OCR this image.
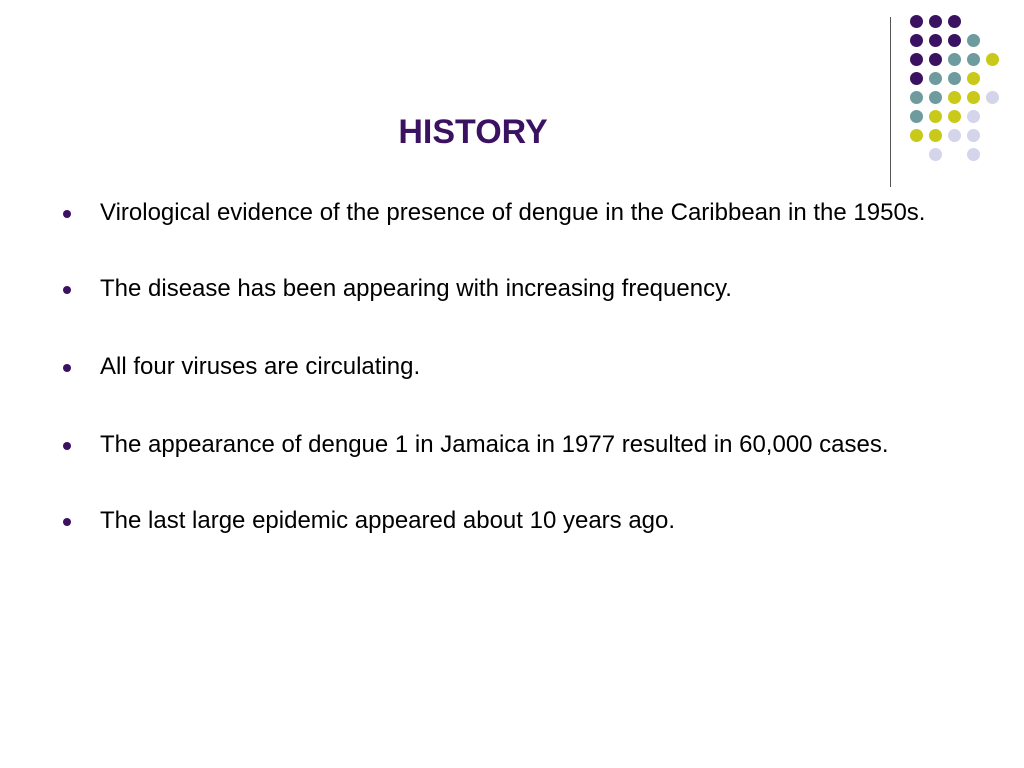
HISTORY
Virological evidence of the presence of dengue in the Caribbean in the 1950s.
The disease has been appearing with increasing frequency.
All four viruses are circulating.
The appearance of dengue 1 in Jamaica in 1977 resulted in 60,000 cases.
The last large epidemic appeared about 10 years ago.
